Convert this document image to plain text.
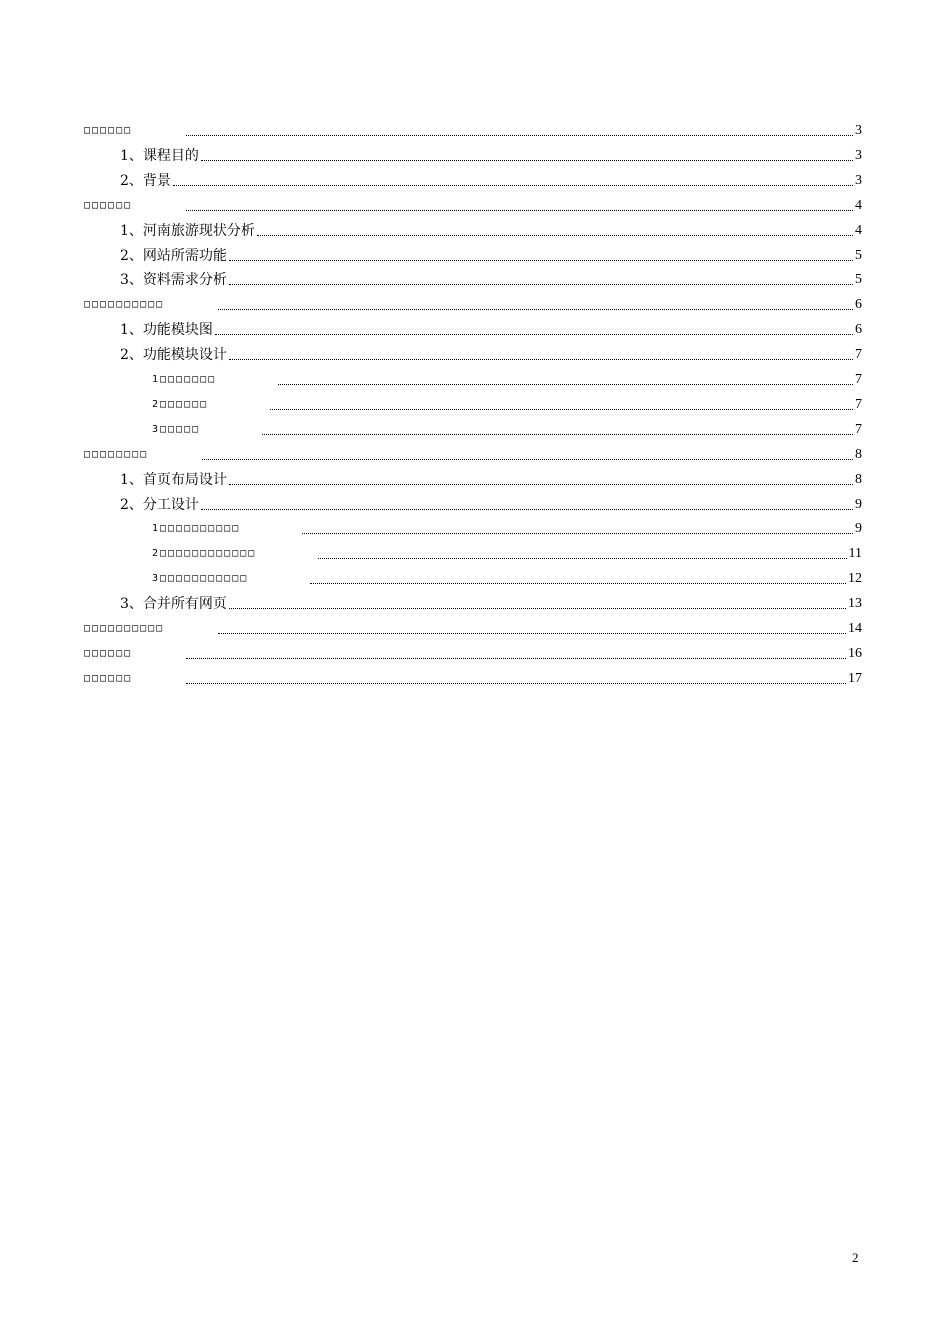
□□□□□□	3
1、课程目的	3
2、背景	3
□□□□□□	4
1、河南旅游现状分析	4
2、网站所需功能	5
3、资料需求分析	5
□□□□□□□□□□	6
1、功能模块图	6
2、功能模块设计	7
1□□□□□□□	7
2□□□□□□	7
3□□□□□	7
□□□□□□□□	8
1、首页布局设计	8
2、分工设计	9
1□□□□□□□□□□	9
2□□□□□□□□□□□□	11
3□□□□□□□□□□□	12
3、合并所有网页	13
□□□□□□□□□□	14
□□□□□□	16
□□□□□□	17
2
